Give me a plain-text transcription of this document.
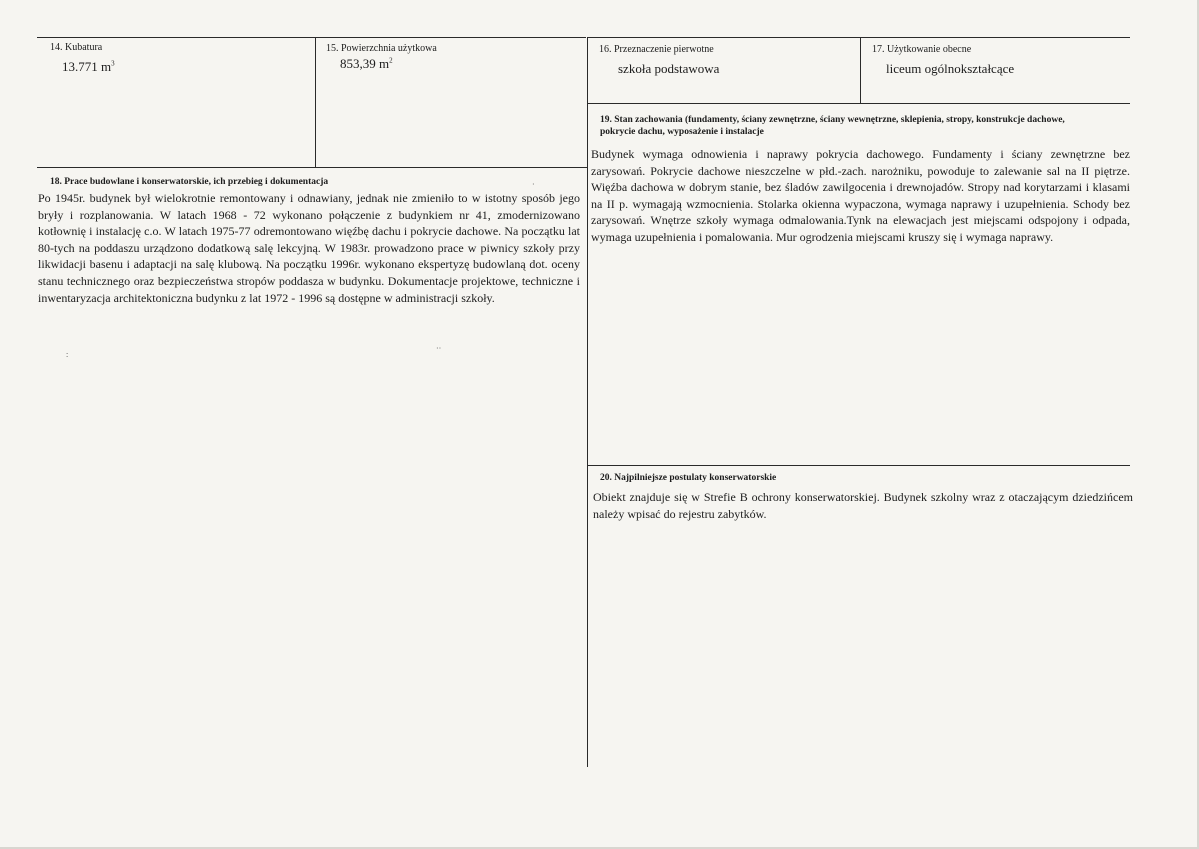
14. Kubatura
13.771 $m^3$
15. Powierzchnia użytkowa
853,39 $m^2$
16. Przeznaczenie pierwotne
szkoła podstawowa
17. Użytkowanie obecne
liceum ogólnokształcące
18. Prace budowlane i konserwatorskie, ich przebieg i dokumentacja

Po 1945r. budynek był wielokrotnie remontowany i odnawiany, jednak nie zmieniło to w istotny sposób jego bryły i rozplanowania. W latach 1968 - 72 wykonano połączenie z budynkiem nr 41, zmodernizowano kotłownię i instalację c.o. W latach 1975-77 odremontowano więźbę dachu i pokrycie dachowe. Na początku lat 80-tych na poddaszu urządzono dodatkową salę lekcyjną. W 1983r. prowadzono prace w piwnicy szkoły przy likwidacji basenu i adaptacji na salę klubową. Na początku 1996r. wykonano ekspertyzę budowlaną dot. oceny stanu technicznego oraz bezpieczeństwa stropów poddasza w budynku. Dokumentacje projektowe, techniczne i inwentaryzacja architektoniczna budynku z lat 1972 - 1996 są dostępne w administracji szkoły.

19. Stan zachowania (fundamenty, ściany zewnętrzne, ściany wewnętrzne, sklepienia, stropy, konstrukcje dachowe, pokrycie dachu, wyposażenie i instalacje

Budynek wymaga odnowienia i naprawy pokrycia dachowego. Fundamenty i ściany zewnętrzne bez zarysowań. Pokrycie dachowe nieszczelne w płd.-zach. narożniku, powoduje to zalewanie sal na II piętrze. Więźba dachowa w dobrym stanie, bez śladów zawilgocenia i drewnojadów. Stropy nad korytarzami i klasami na II p. wymagają wzmocnienia. Stolarka okienna wypaczona, wymaga naprawy i uzupełnienia. Schody bez zarysowań. Wnętrze szkoły wymaga odmalowania.Tynk na elewacjach jest miejscami odspojony i odpada, wymaga uzupełnienia i pomalowania. Mur ogrodzenia miejscami kruszy się i wymaga naprawy.

20. Najpilniejsze postulaty konserwatorskie

Obiekt znajduje się w Strefie B ochrony konserwatorskiej. Budynek szkolny wraz z otaczającym dziedzińcem należy wpisać do rejestru zabytków.

:
··
·
